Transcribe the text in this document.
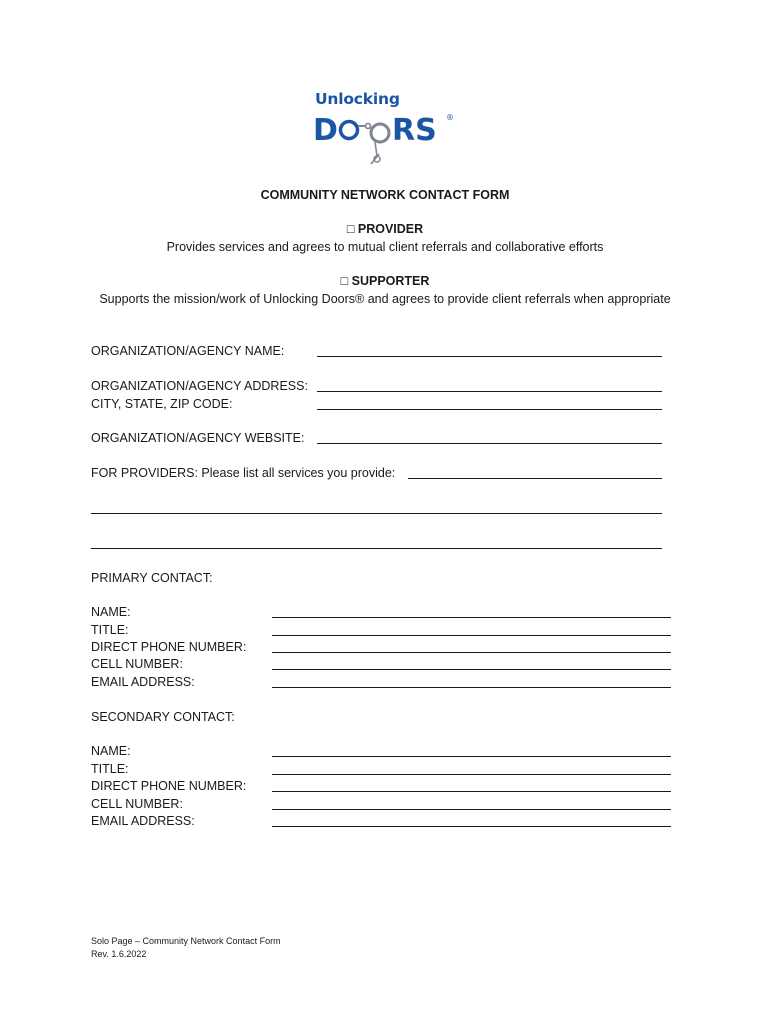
Unlocking
D RS ®
COMMUNITY NETWORK CONTACT FORM
□ PROVIDER
Provides services and agrees to mutual client referrals and collaborative efforts
□ SUPPORTER
Supports the mission/work of Unlocking Doors® and agrees to provide client referrals when appropriate
ORGANIZATION/AGENCY NAME:
ORGANIZATION/AGENCY ADDRESS:
CITY, STATE, ZIP CODE:
ORGANIZATION/AGENCY WEBSITE:
FOR PROVIDERS: Please list all services you provide:
PRIMARY CONTACT:
NAME:
TITLE:
DIRECT PHONE NUMBER:
CELL NUMBER:
EMAIL ADDRESS:
SECONDARY CONTACT:
NAME:
TITLE:
DIRECT PHONE NUMBER:
CELL NUMBER:
EMAIL ADDRESS:
Solo Page – Community Network Contact Form
Rev. 1.6.2022
